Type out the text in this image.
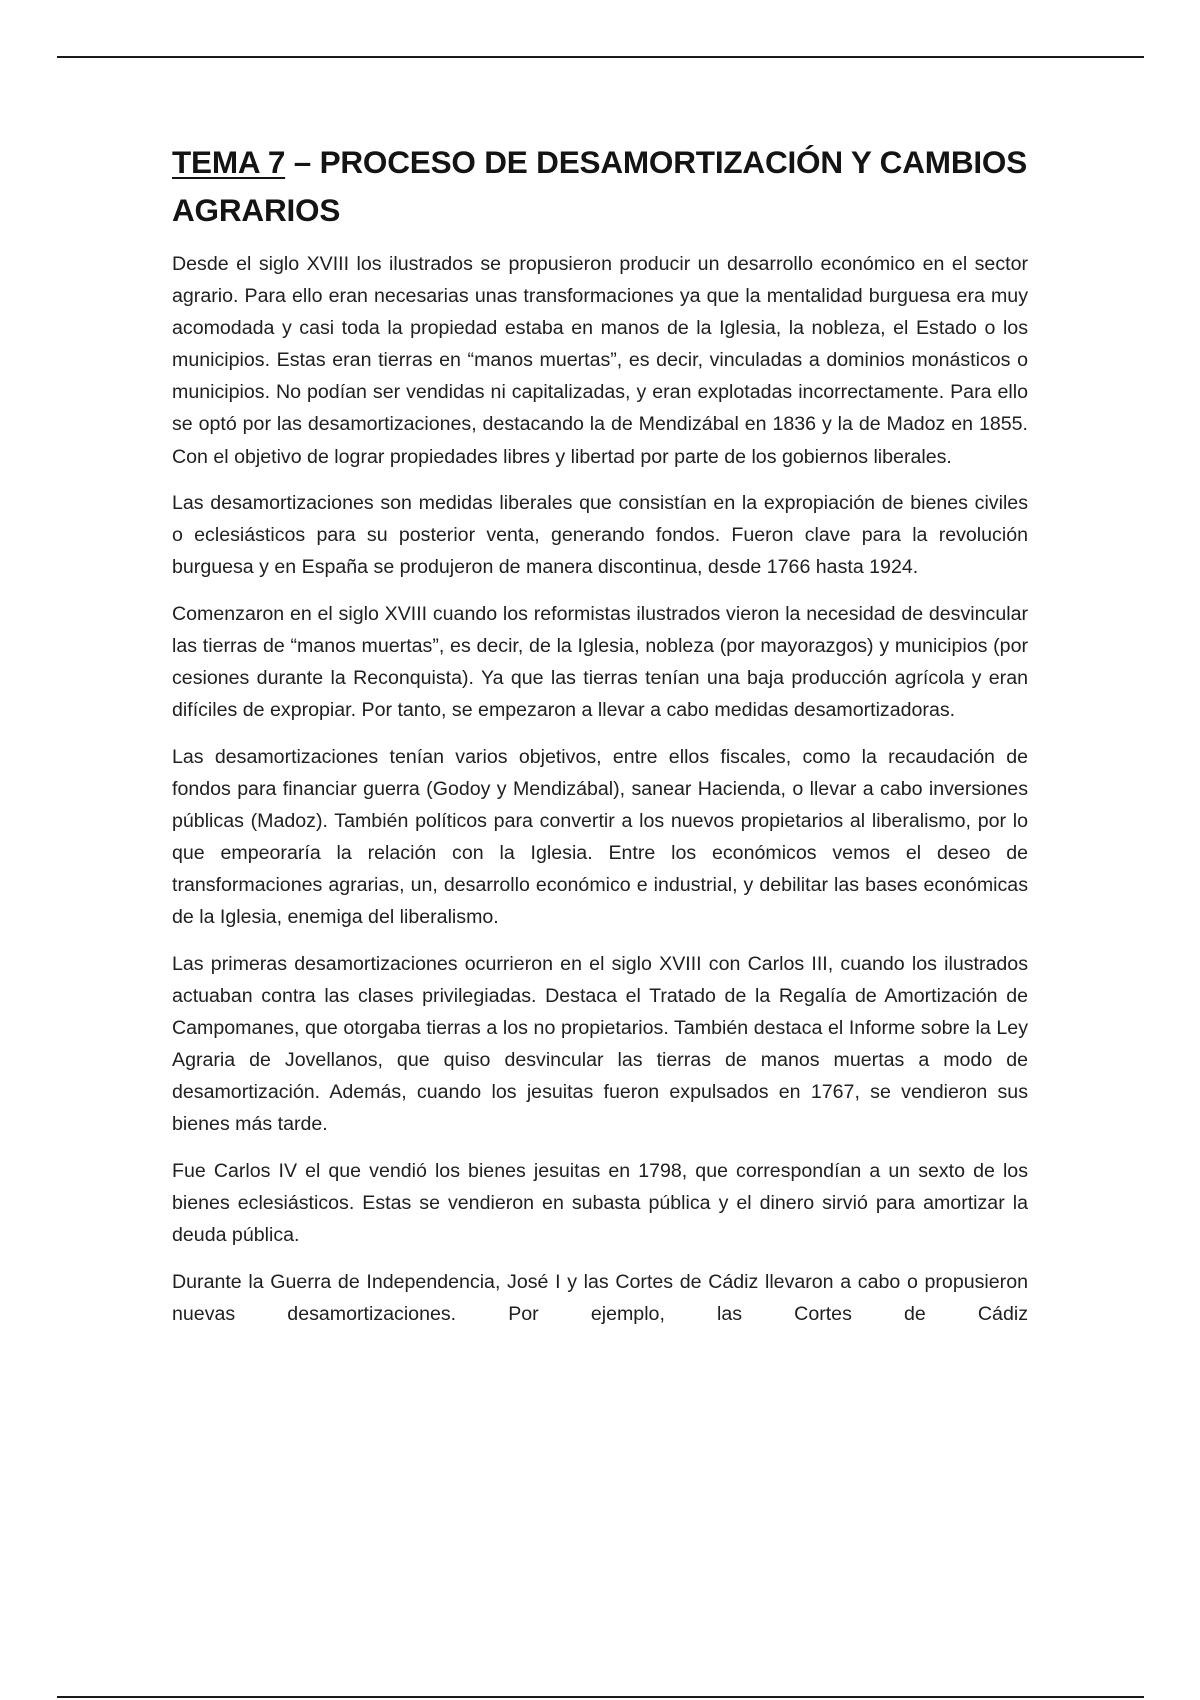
TEMA 7 – PROCESO DE DESAMORTIZACIÓN Y CAMBIOS AGRARIOS

Desde el siglo XVIII los ilustrados se propusieron producir un desarrollo económico en el sector agrario. Para ello eran necesarias unas transformaciones ya que la mentalidad burguesa era muy acomodada y casi toda la propiedad estaba en manos de la Iglesia, la nobleza, el Estado o los municipios. Estas eran tierras en “manos muertas”, es decir, vinculadas a dominios monásticos o municipios. No podían ser vendidas ni capitalizadas, y eran explotadas incorrectamente. Para ello se optó por las desamortizaciones, destacando la de Mendizábal en 1836 y la de Madoz en 1855. Con el objetivo de lograr propiedades libres y libertad por parte de los gobiernos liberales.

Las desamortizaciones son medidas liberales que consistían en la expropiación de bienes civiles o eclesiásticos para su posterior venta, generando fondos. Fueron clave para la revolución burguesa y en España se produjeron de manera discontinua, desde 1766 hasta 1924.

Comenzaron en el siglo XVIII cuando los reformistas ilustrados vieron la necesidad de desvincular las tierras de “manos muertas”, es decir, de la Iglesia, nobleza (por mayorazgos) y municipios (por cesiones durante la Reconquista). Ya que las tierras tenían una baja producción agrícola y eran difíciles de expropiar. Por tanto, se empezaron a llevar a cabo medidas desamortizadoras.

Las desamortizaciones tenían varios objetivos, entre ellos fiscales, como la recaudación de fondos para financiar guerra (Godoy y Mendizábal), sanear Hacienda, o llevar a cabo inversiones públicas (Madoz). También políticos para convertir a los nuevos propietarios al liberalismo, por lo que empeoraría la relación con la Iglesia. Entre los económicos vemos el deseo de transformaciones agrarias, un, desarrollo económico e industrial, y debilitar las bases económicas de la Iglesia, enemiga del liberalismo.

Las primeras desamortizaciones ocurrieron en el siglo XVIII con Carlos III, cuando los ilustrados actuaban contra las clases privilegiadas. Destaca el Tratado de la Regalía de Amortización de Campomanes, que otorgaba tierras a los no propietarios. También destaca el Informe sobre la Ley Agraria de Jovellanos, que quiso desvincular las tierras de manos muertas a modo de desamortización. Además, cuando los jesuitas fueron expulsados en 1767, se vendieron sus bienes más tarde.

Fue Carlos IV el que vendió los bienes jesuitas en 1798, que correspondían a un sexto de los bienes eclesiásticos. Estas se vendieron en subasta pública y el dinero sirvió para amortizar la deuda pública.

Durante la Guerra de Independencia, José I y las Cortes de Cádiz llevaron a cabo o propusieron nuevas desamortizaciones. Por ejemplo, las Cortes de Cádiz
